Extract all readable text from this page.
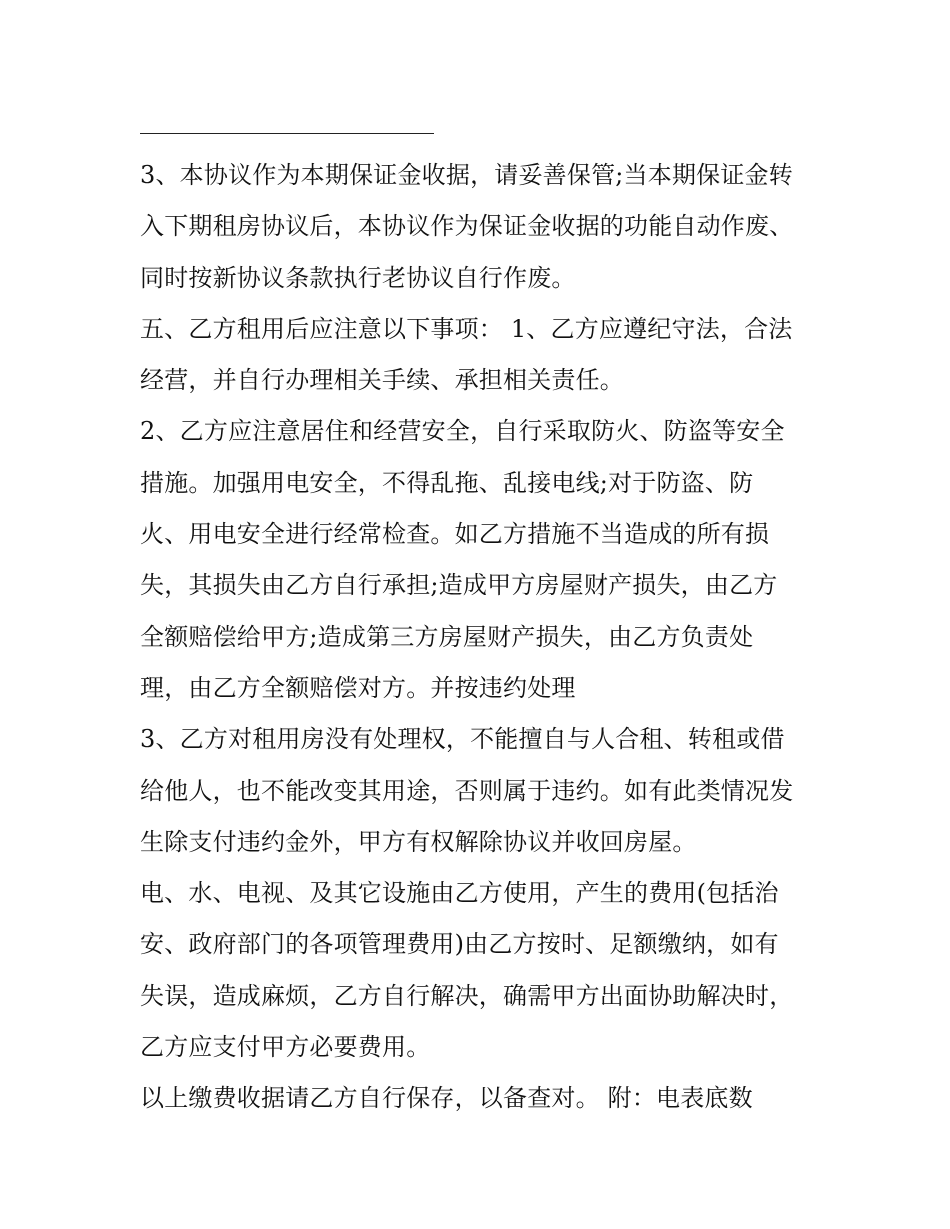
3、本协议作为本期保证金收据，请妥善保管;当本期保证金转
入下期租房协议后，本协议作为保证金收据的功能自动作废、
同时按新协议条款执行老协议自行作废。
五、乙方租用后应注意以下事项： 1、乙方应遵纪守法，合法
经营，并自行办理相关手续、承担相关责任。
2、乙方应注意居住和经营安全，自行采取防火、防盗等安全
措施。加强用电安全，不得乱拖、乱接电线;对于防盗、防
火、用电安全进行经常检查。如乙方措施不当造成的所有损
失，其损失由乙方自行承担;造成甲方房屋财产损失，由乙方
全额赔偿给甲方;造成第三方房屋财产损失，由乙方负责处
理，由乙方全额赔偿对方。并按违约处理
3、乙方对租用房没有处理权，不能擅自与人合租、转租或借
给他人，也不能改变其用途，否则属于违约。如有此类情况发
生除支付违约金外，甲方有权解除协议并收回房屋。
电、水、电视、及其它设施由乙方使用，产生的费用(包括治
安、政府部门的各项管理费用)由乙方按时、足额缴纳，如有
失误，造成麻烦，乙方自行解决，确需甲方出面协助解决时，
乙方应支付甲方必要费用。
以上缴费收据请乙方自行保存，以备查对。 附：电表底数
